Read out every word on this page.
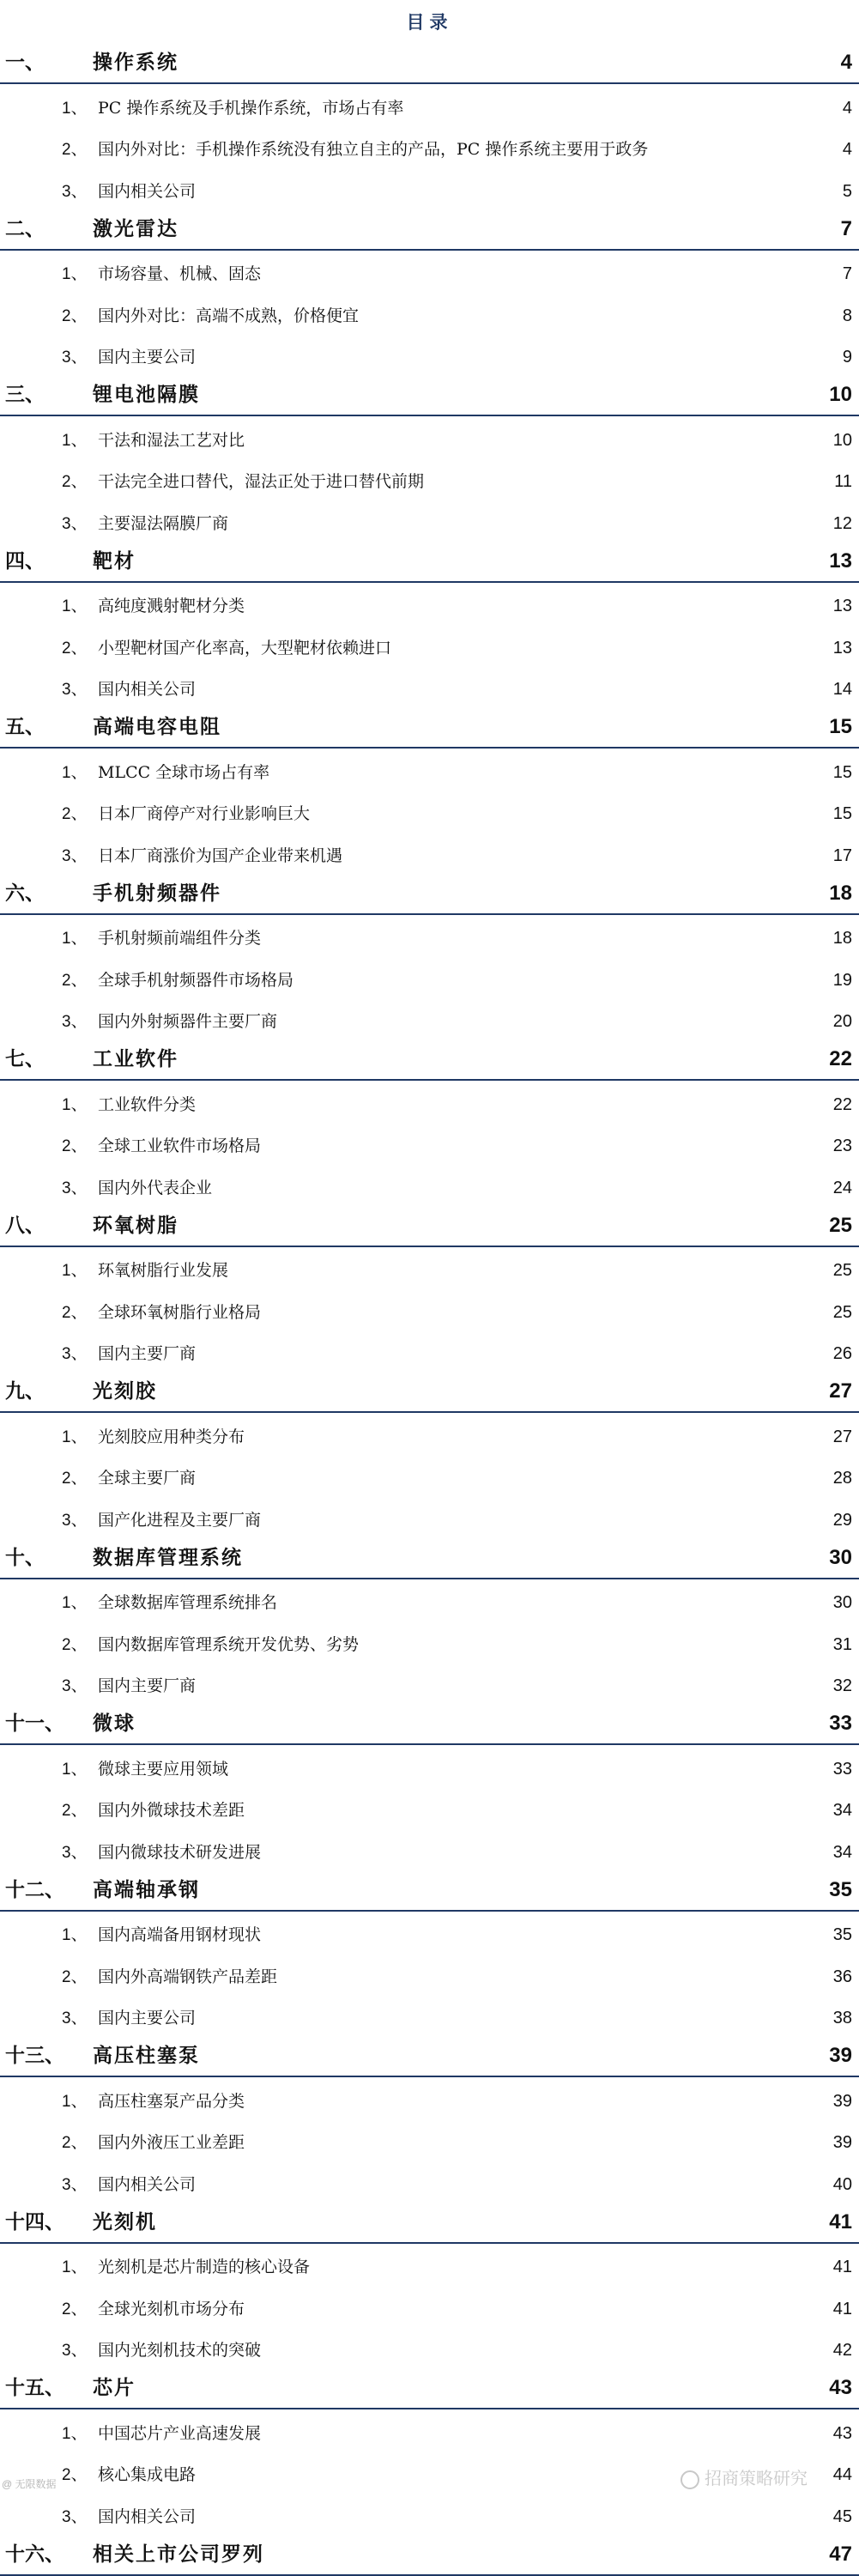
目录
一、 操作系统	4
1、 PC 操作系统及手机操作系统，市场占有率	4
2、 国内外对比：手机操作系统没有独立自主的产品，PC 操作系统主要用于政务	4
3、 国内相关公司	5
二、 激光雷达	7
1、 市场容量、机械、固态	7
2、 国内外对比：高端不成熟，价格便宜	8
3、 国内主要公司	9
三、 锂电池隔膜	10
1、 干法和湿法工艺对比	10
2、 干法完全进口替代，湿法正处于进口替代前期	11
3、 主要湿法隔膜厂商	12
四、 靶材	13
1、 高纯度溅射靶材分类	13
2、 小型靶材国产化率高，大型靶材依赖进口	13
3、 国内相关公司	14
五、 高端电容电阻	15
1、 MLCC 全球市场占有率	15
2、 日本厂商停产对行业影响巨大	15
3、 日本厂商涨价为国产企业带来机遇	17
六、 手机射频器件	18
1、 手机射频前端组件分类	18
2、 全球手机射频器件市场格局	19
3、 国内外射频器件主要厂商	20
七、 工业软件	22
1、 工业软件分类	22
2、 全球工业软件市场格局	23
3、 国内外代表企业	24
八、 环氧树脂	25
1、 环氧树脂行业发展	25
2、 全球环氧树脂行业格局	25
3、 国内主要厂商	26
九、 光刻胶	27
1、 光刻胶应用种类分布	27
2、 全球主要厂商	28
3、 国产化进程及主要厂商	29
十、 数据库管理系统	30
1、 全球数据库管理系统排名	30
2、 国内数据库管理系统开发优势、劣势	31
3、 国内主要厂商	32
十一、 微球	33
1、 微球主要应用领域	33
2、 国内外微球技术差距	34
3、 国内微球技术研发进展	34
十二、 高端轴承钢	35
1、 国内高端备用钢材现状	35
2、 国内外高端钢铁产品差距	36
3、 国内主要公司	38
十三、 高压柱塞泵	39
1、 高压柱塞泵产品分类	39
2、 国内外液压工业差距	39
3、 国内相关公司	40
十四、 光刻机	41
1、 光刻机是芯片制造的核心设备	41
2、 全球光刻机市场分布	41
3、 国内光刻机技术的突破	42
十五、 芯片	43
1、 中国芯片产业高速发展	43
2、 核心集成电路	44
3、 国内相关公司	45
十六、 相关上市公司罗列	47
@ 无限数据	招商策略研究
